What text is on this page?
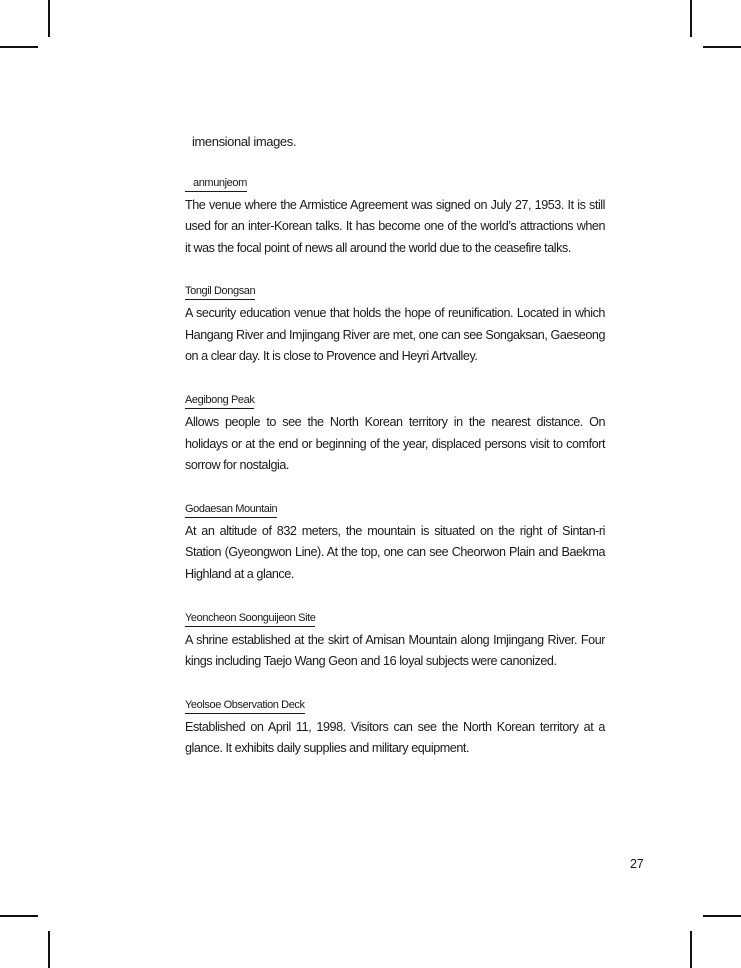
imensional images.

anmunjeom

The venue where the Armistice Agreement was signed on July 27, 1953. It is still used for an inter-Korean talks. It has become one of the world’s attractions when it was the focal point of news all around the world due to the ceasefire talks.

Tongil Dongsan

A security education venue that holds the hope of reunification. Located in which Hangang River and Imjingang River are met, one can see Songaksan, Gaeseong on a clear day. It is close to Provence and Heyri Artvalley.

Aegibong Peak

Allows people to see the North Korean territory in the nearest distance. On holidays or at the end or beginning of the year, displaced persons visit to comfort sorrow for nostalgia.

Godaesan Mountain

At an altitude of 832 meters, the mountain is situated on the right of Sintan-ri Station (Gyeongwon Line). At the top, one can see Cheorwon Plain and Baekma Highland at a glance.

Yeoncheon Soonguijeon Site

A shrine established at the skirt of Amisan Mountain along Imjingang River. Four kings including Taejo Wang Geon and 16 loyal subjects were canonized.

Yeolsoe Observation Deck

Established on April 11, 1998. Visitors can see the North Korean territory at a glance. It exhibits daily supplies and military equipment.

27
